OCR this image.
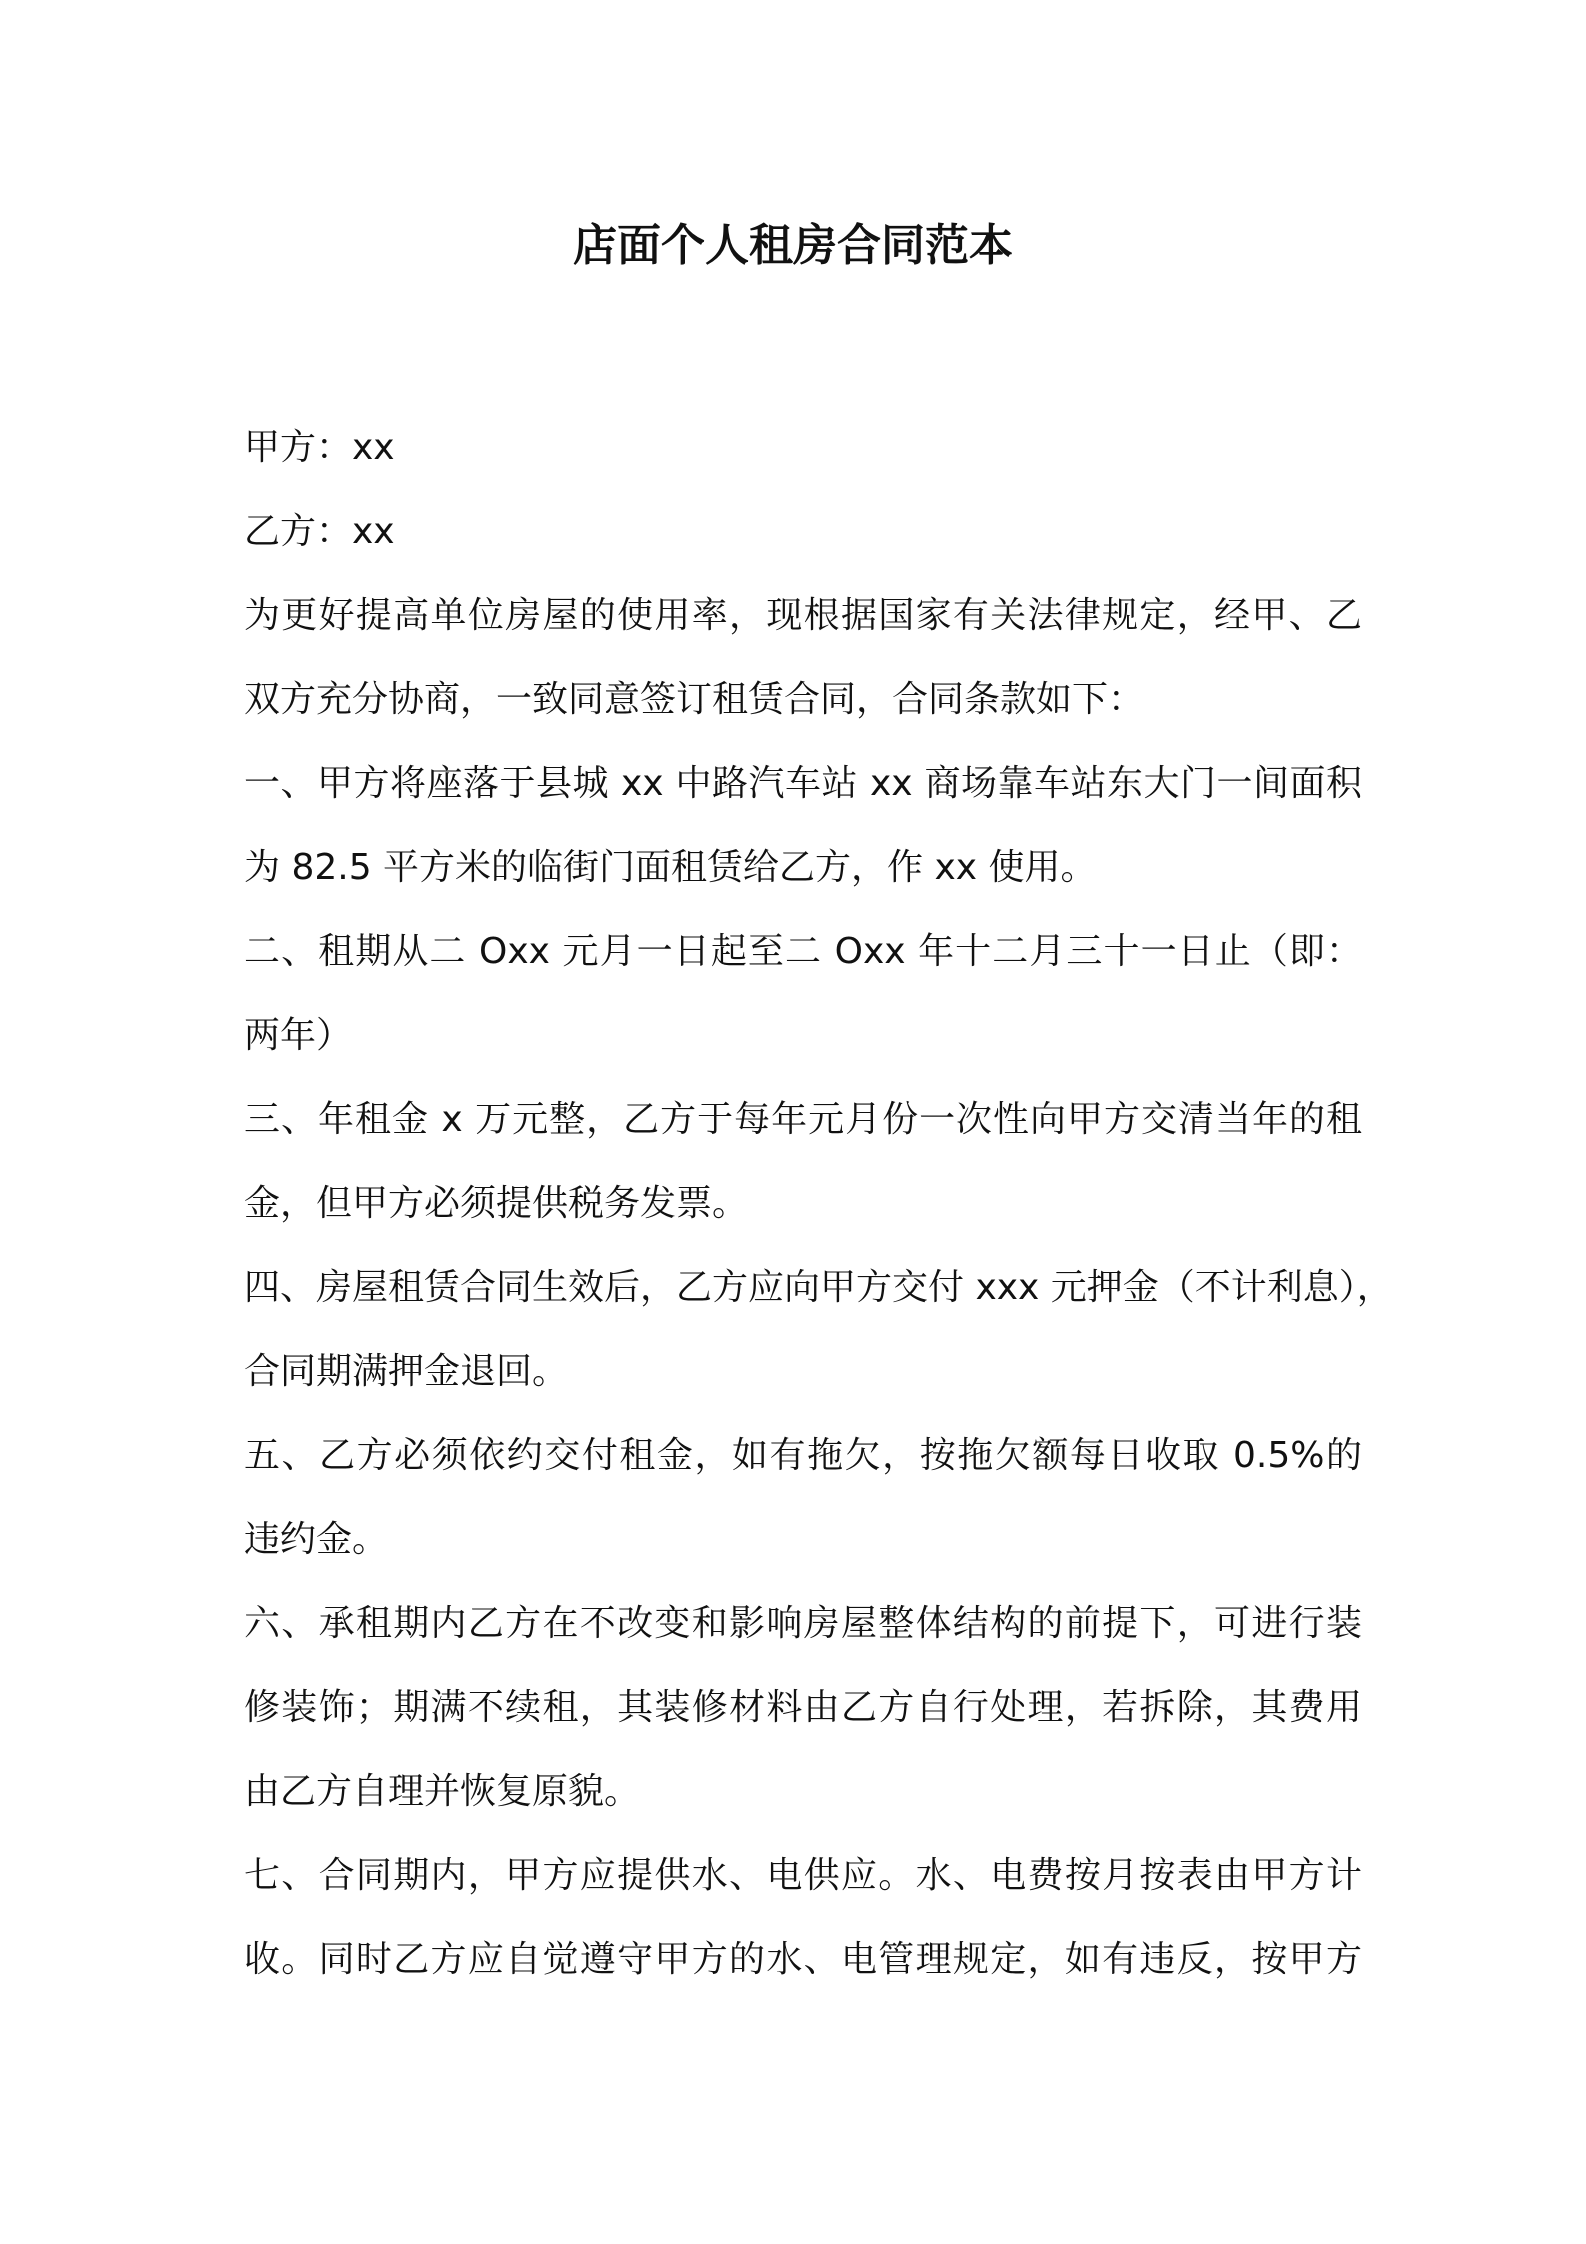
店面个人租房合同范本
甲方：xx
乙方：xx
为更好提高单位房屋的使用率，现根据国家有关法律规定，经甲、乙
双方充分协商，一致同意签订租赁合同，合同条款如下：
一、甲方将座落于县城 xx 中路汽车站 xx 商场靠车站东大门一间面积
为 82.5 平方米的临街门面租赁给乙方，作 xx 使用。
二、租期从二 Oxx 元月一日起至二 Oxx 年十二月三十一日止（即：
两年）
三、年租金 x 万元整，乙方于每年元月份一次性向甲方交清当年的租
金，但甲方必须提供税务发票。
四、房屋租赁合同生效后，乙方应向甲方交付 xxx 元押金（不计利息），
合同期满押金退回。
五、乙方必须依约交付租金，如有拖欠，按拖欠额每日收取 0.5%的
违约金。
六、承租期内乙方在不改变和影响房屋整体结构的前提下，可进行装
修装饰；期满不续租，其装修材料由乙方自行处理，若拆除，其费用
由乙方自理并恢复原貌。
七、合同期内，甲方应提供水、电供应。水、电费按月按表由甲方计
收。同时乙方应自觉遵守甲方的水、电管理规定，如有违反，按甲方
